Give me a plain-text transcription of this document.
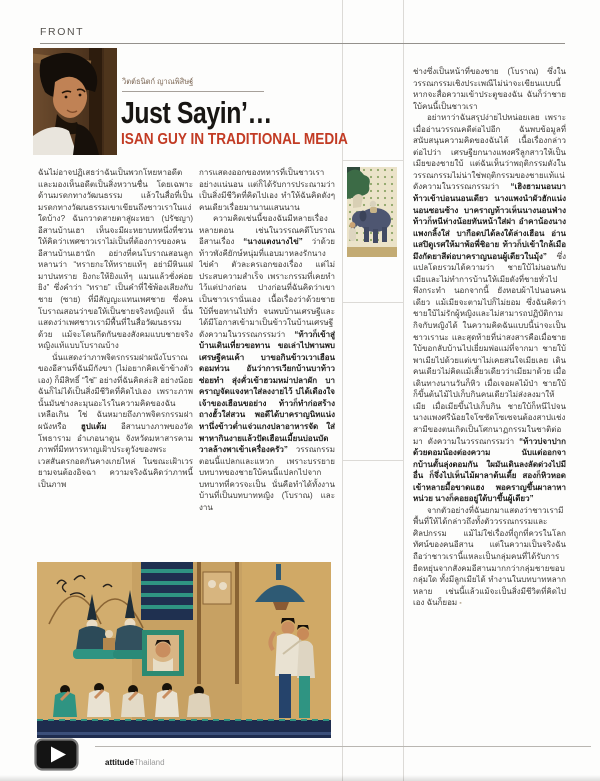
FRONT
วิตต์ธนิตก์ ญาณพิสิษฐ์
Just Sayin’…
ISAN GUY IN TRADITIONAL MEDIA

ฉันไม่อาจปฏิเสธว่าฉันเป็นพวกโหยหาอดีตและมองเห็นอดีตเป็นสิ่งหวานชื่น โดยเฉพาะด้านมรดกทางวัฒนธรรม แล้วในสื่อที่เป็นมรดกทางวัฒนธรรมเขาเขียนถึงชาวเราในแง่ใดบ้าง? ฉันกวาดสายตาสู่ผะหยา (ปรัชญา) อีสานบ้านเฮา เห็นจะมีผะหยาบทหนึ่งที่ชวนให้คิดว่าเพศชาวเราไม่เป็นที่ต้องการของคนอีสานบ้านเฮานัก อย่างที่คนโบราณสอนลูกหลานว่า “ทรายกะให้ทรายแท้ๆ อย่ามีหินแฝมาปนทราย ยิงกะให้ยิงแท้ๆ แมนแล้วชั่งค่อยยิง” ซึ่งคำว่า “ทราย” เป็นคำที่ใช้พ้องเสียงกับชาย (ซาย) ที่มีสัญญะแทนเพศชาย ซึ่งคนโบราณสอนว่าขอให้เป็นชายจริงหญิงแท้ นั้นแสดงว่าเพศชาวเรามีพื้นที่ในสื่อวัฒนธรรมด้วย แม้จะโดนกีดกันของสังคมแบบชายจริงหญิงแท้แบบโบราณบ้าง

นั่นแสดงว่าภาพจิตรกรรมฝาผนังโบราณของอีสานที่ฉันมีกังขา (ไม่อยากคิดเข้าข้างตัวเอง) ก็มีสิทธิ์ “ใช่” อย่างที่ฉันคิดล่ะสิ อย่างน้อยฉันก็ไม่ได้เป็นสิ่งมีชีวิตที่คิดไปเอง เพราะภาพนั้นมันช่างละมุนอะไรในความคิดของฉันเหลือเกิน ใช่ ฉันหมายถึงภาพจิตรกรรมฝาผนังหรือ ฮูปแต้ม อีสานบางภาพของวัดโพธาราม อำเภอนาดูน จังหวัดมหาสารคาม ภาพที่มีทหารหาญเฝ้าประตูวังของพระเวสสันดรกอดกันคางเกยไหล่ ในขณะเฝ้าเวรยามจนต้องอิจฉา ความจริงฉันคิดว่าภาพนี้เป็นภาพ

การแสดงออกของทหารที่เป็นชาวเราอย่างแน่นอน แต่ก็ได้รับการประณามว่าเป็นสิ่งมีชีวิตที่คิดไปเอง ทำให้ฉันคิดดังๆ คนเดียวเรื่อยมานานแสนนาน

ความคิดเช่นนี้ของฉันมีหลายเรื่องหลายตอน เช่นในวรรณคดีโบราณอีสานเรื่อง “นางแตงนางไข่” ว่าด้วยท้าวพังคียักษ์หนุ่มที่แอบมาหลงรักนางไข่คำ ตัวละครเอกของเรื่อง แต่ไม่ประสบความสำเร็จ เพราะกรรมที่เคยทำไว้แต่ปางก่อน ปางก่อนที่ฉันคิดว่าเขาเป็นชาวเรานั่นเอง เนื้อเรื่องว่าด้วยชายใบ้ที่ขอทานไปทั่ว จนพบบ้านเศรษฐีและได้มีโอกาสเข้ามาเป็นข้าวในบ้านเศรษฐีดังความในวรรณกรรมว่า “ท้าวก็เข้าสู่บ้านเดินเที่ยวขอทาน ขอเล่าไปพานพบเศรษฐีคนเค้า บาขอกินข้าวเวาเฮือนดอมท่วน อันว่าการเวียกบ้านบาท้าวซ่อยทำ สุ่งคั่วเข้าฮวมหม่าปลาผัก บาคราญจัดแจงหาใส่ลงงายไว้ บ่ได้เดืองใจเจ้าของเฮือนขอย่าง ท้าวก็ทำก่อสร้างถางฮั้วใส่สวน พอดีได้บาคราญนิทแน่ง หานึ่งข้าวต่ำแจ่วแกงปลาอาหารจัด ใส่พาหากินงายแล้วปัดเฮือนเมี้ยนบ่อนบัดวาลล้างพาเข้าเครื่องครัว” วรรณกรรมตอนนี้แปลกและแหวก เพราะบรรยายบทบาทของชายใบ้คนนี้แปลกไปจากบทบาทที่ควรจะเป็น นั่นคือทำได้ทั้งงานบ้านที่เป็นบทบาทหญิง (โบราณ) และงาน

ช่างซึ่งเป็นหน้าที่ของชาย (โบราณ) ซึ่งในวรรณกรรมเชิงประเพณีไม่น่าจะเขียนแบบนี้ หากจะสื่อความเข้าประตูของฉัน ฉันก็ว่าชายใบ้คนนี้เป็นชาวเรา

อย่าหาว่าฉันสรุปง่ายไปหน่อยเลย เพราะเมื่ออ่านวรรณคดีต่อไปอีก ฉันพบข้อมูลที่สนับสนุนความคิดของฉันได้ เนื้อเรื่องกล่าวต่อไปว่า เศรษฐียกนางแพงศรีลูกสาวให้เป็นเมียของชายใบ้ แต่ฉันเห็นว่าพฤติกรรมดังในวรรณกรรมไม่น่าใช่พฤติกรรมของชายแท้แน่ ดังความในวรรณกรรมว่า “เฮิงฮามนอนบาท้าวเข้าบ่อนนอนเดียว นางแพงนำผัวฮักแน่งนอนซอนซ้าง บาคราญท้าวเห็นนางนอนฟ่าง ท้าวก็หนีห่างน้อยทันหน้าใส่ฝา อำคาน้องนางแพงกลิ้งใส่ บากือดบ่ได้ลงใต้ล่างเฮือน อ่านแสปิดูเรศให้มาพ้อพี่ชิอาย ท้าวก็บ่เข้าใกล้เมือมึงกัดยาสีด่อบาคราญนอนผู้เดียวในมุ้ง” ซึ่งแปลโดยรวมได้ความว่า ชายใบ้ไม่นอนกับเมียและไม่ทำการบ้านให้เมียดังที่ชายทั่วไปพึงกระทำ นอกจากนี้ ยังหอบผ้าไปนอนคนเดียว แม้เมียจะตามไปก็ไม่ยอม ซึ่งฉันคิดว่าชายใบ้ไม่รักผู้หญิงและไม่สามารถปฏิบัติกามกิจกับหญิงได้ ในความคิดฉันแบบนี้น่าจะเป็นชาวเรานะ และสุดท้ายที่น่าสงสารคือเมื่อชายใบ้ขอกลับบ้านไปเยี่ยมพ่อแม่ที่จากมา ชายใบ้พาเมียไปด้วยแต่เขาไม่เคยสนใจเมียเลย เดินคนเดียวไม่คิดแม้เสี้ยวเดียวว่าเมียมาด้วย เมื่อเดินทางนานวันก็หิว เมื่อเจอผลไม้ป่า ชายใบ้ก็ขึ้นต้นไม้ไปเก็บกินคนเดียวไม่ส่งลงมาให้เมีย เมื่อเมียขึ้นไปเก็บกิน ชายใบ้ก็หนีไปจนนางแพงศรีน้อยใจโซซัดโซเซจนต้องสาปแช่งสามีของตนเกิดเป็นโศกนาฏกรรมในชาติต่อมา ดังความในวรรณกรรมว่า “ท้าวบ่จาปากด้วยดอมน้องต่องความ นับแต่ออกจากบ้านตั้นลุ่งดอมกัน ใผมันเดินลงลัดด่วงไปมีอื่น ก็จึ่งไปเห็นไม้ผาลาต้นเตี้ย สองก็หิวหอดเข้าหลายมื้อขาดแฮง พอคราญขึ้นผาลาหาหน่วย นางก็คอยอยู่ใต้บาขึ้นผู้เดียว”

จากตัวอย่างที่ฉันยกมาแสดงว่าชาวเรามีพื้นที่ให้ได้กล่าวถึงทั้งตัววรรณกรรมและศิลปกรรม แม้ไม่ใช่เรื่องที่ถูกที่ควรในโลกทัศน์ของคนอีสาน แต่ในความเป็นจริงฉันถือว่าชาวเรานี้แหละเป็นกลุ่มคนที่ได้รับการยืดหยุ่นจากสังคมอีสานมากกว่ากลุ่มชายขอบกลุ่มใด ทั้งมีลูกเมียได้ ทำงานในบทบาทหลากหลาย เช่นนี้แล้วแม้จะเป็นสิ่งมีชีวิตที่คิดไปเอง ฉันก็ยอม ▪

attitudeThailand
